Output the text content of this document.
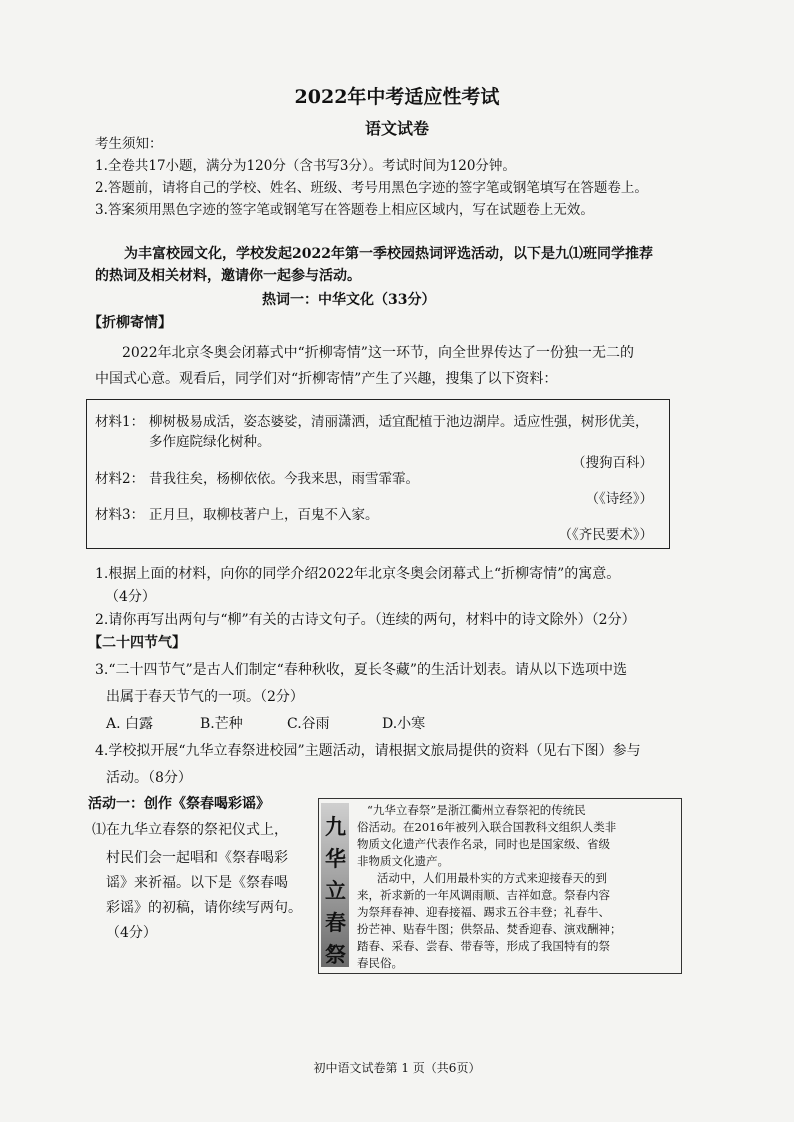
2022年中考适应性考试
语文试卷
考生须知：
1.全卷共17小题，满分为120分（含书写3分）。考试时间为120分钟。
2.答题前，请将自己的学校、姓名、班级、考号用黑色字迹的签字笔或钢笔填写在答题卷上。
3.答案须用黑色字迹的签字笔或钢笔写在答题卷上相应区域内，写在试题卷上无效。
为丰富校园文化，学校发起2022年第一季校园热词评选活动，以下是九⑴班同学推荐
的热词及相关材料，邀请你一起参与活动。
热词一：中华文化（33分）
【折柳寄情】
2022年北京冬奥会闭幕式中“折柳寄情”这一环节，向全世界传达了一份独一无二的
中国式心意。观看后，同学们对“折柳寄情”产生了兴趣，搜集了以下资料：
材料1： 柳树极易成活，姿态婆娑，清丽潇洒，适宜配植于池边湖岸。适应性强，树形优美，
多作庭院绿化树种。
（搜狗百科）
材料2： 昔我往矣，杨柳依依。今我来思，雨雪霏霏。
（《诗经》）
材料3： 正月旦，取柳枝著户上，百鬼不入家。
（《齐民要术》）
1.根据上面的材料，向你的同学介绍2022年北京冬奥会闭幕式上“折柳寄情”的寓意。
（4分）
2.请你再写出两句与“柳”有关的古诗文句子。（连续的两句，材料中的诗文除外）（2分）
【二十四节气】
3.“二十四节气”是古人们制定“春种秋收，夏长冬藏”的生活计划表。请从以下选项中选
出属于春天节气的一项。（2分）
A. 白露	B.芒种	C.谷雨	D.小寒
4.学校拟开展“九华立春祭进校园”主题活动，请根据文旅局提供的资料（见右下图）参与
活动。（8分）
活动一：创作《祭春喝彩谣》
⑴在九华立春祭的祭祀仪式上，
村民们会一起唱和《祭春喝彩
谣》来祈福。以下是《祭春喝
彩谣》的初稿，请你续写两句。
（4分）
九
华
立
春
祭
“九华立春祭”是浙江衢州立春祭祀的传统民
俗活动。在2016年被列入联合国教科文组织人类非
物质文化遗产代表作名录，同时也是国家级、省级
非物质文化遗产。
活动中，人们用最朴实的方式来迎接春天的到
来，祈求新的一年风调雨顺、吉祥如意。祭春内容
为祭拜春神、迎春接福、踢求五谷丰登；礼春牛、
扮芒神、贴春牛图；供祭品、焚香迎春、演戏酬神；
踏春、采春、尝春、带春等，形成了我国特有的祭
春民俗。
初中语文试卷第 1 页（共6页）
